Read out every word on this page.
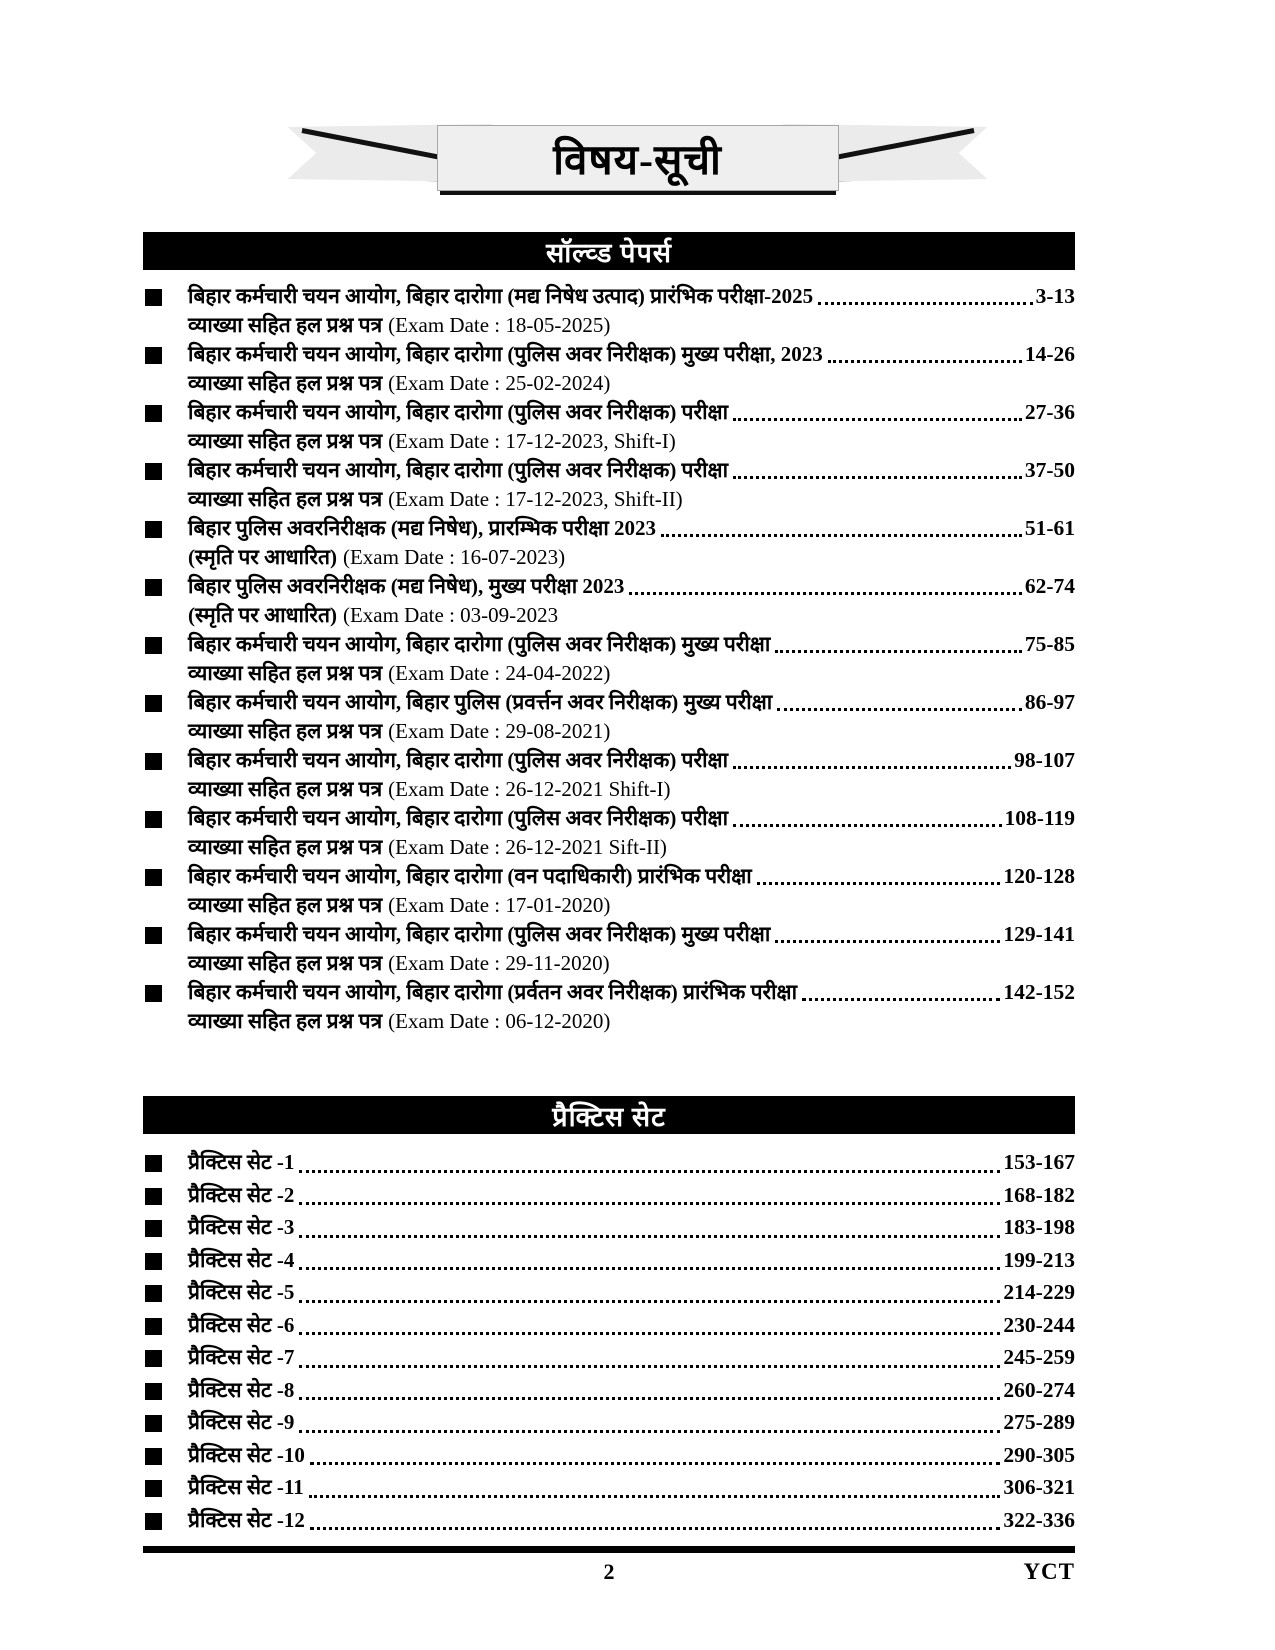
विषय-सूची
सॉल्व्ड पेपर्स
बिहार कर्मचारी चयन आयोग, बिहार दारोगा (मद्य निषेध उत्पाद) प्रारंभिक परीक्षा-2025	3-13
व्याख्या सहित हल प्रश्न पत्र (Exam Date : 18-05-2025)
बिहार कर्मचारी चयन आयोग, बिहार दारोगा (पुलिस अवर निरीक्षक) मुख्य परीक्षा, 2023	14-26
व्याख्या सहित हल प्रश्न पत्र (Exam Date : 25-02-2024)
बिहार कर्मचारी चयन आयोग, बिहार दारोगा (पुलिस अवर निरीक्षक) परीक्षा	27-36
व्याख्या सहित हल प्रश्न पत्र (Exam Date : 17-12-2023, Shift-I)
बिहार कर्मचारी चयन आयोग, बिहार दारोगा (पुलिस अवर निरीक्षक) परीक्षा	37-50
व्याख्या सहित हल प्रश्न पत्र (Exam Date : 17-12-2023, Shift-II)
बिहार पुलिस अवरनिरीक्षक (मद्य निषेध), प्रारम्भिक परीक्षा 2023	51-61
(स्मृति पर आधारित) (Exam Date : 16-07-2023)
बिहार पुलिस अवरनिरीक्षक (मद्य निषेध), मुख्य परीक्षा 2023	62-74
(स्मृति पर आधारित) (Exam Date : 03-09-2023
बिहार कर्मचारी चयन आयोग, बिहार दारोगा (पुलिस अवर निरीक्षक) मुख्य परीक्षा	75-85
व्याख्या सहित हल प्रश्न पत्र (Exam Date : 24-04-2022)
बिहार कर्मचारी चयन आयोग, बिहार पुलिस (प्रवर्त्तन अवर निरीक्षक) मुख्य परीक्षा	86-97
व्याख्या सहित हल प्रश्न पत्र (Exam Date : 29-08-2021)
बिहार कर्मचारी चयन आयोग, बिहार दारोगा (पुलिस अवर निरीक्षक) परीक्षा	98-107
व्याख्या सहित हल प्रश्न पत्र (Exam Date : 26-12-2021 Shift-I)
बिहार कर्मचारी चयन आयोग, बिहार दारोगा (पुलिस अवर निरीक्षक) परीक्षा	108-119
व्याख्या सहित हल प्रश्न पत्र (Exam Date : 26-12-2021 Sift-II)
बिहार कर्मचारी चयन आयोग, बिहार दारोगा (वन पदाधिकारी) प्रारंभिक परीक्षा	120-128
व्याख्या सहित हल प्रश्न पत्र (Exam Date : 17-01-2020)
बिहार कर्मचारी चयन आयोग, बिहार दारोगा (पुलिस अवर निरीक्षक) मुख्य परीक्षा	129-141
व्याख्या सहित हल प्रश्न पत्र (Exam Date : 29-11-2020)
बिहार कर्मचारी चयन आयोग, बिहार दारोगा (प्रर्वतन अवर निरीक्षक) प्रारंभिक परीक्षा	142-152
व्याख्या सहित हल प्रश्न पत्र (Exam Date : 06-12-2020)
प्रैक्टिस सेट
प्रैक्टिस सेट -1	153-167
प्रैक्टिस सेट -2	168-182
प्रैक्टिस सेट -3	183-198
प्रैक्टिस सेट -4	199-213
प्रैक्टिस सेट -5	214-229
प्रैक्टिस सेट -6	230-244
प्रैक्टिस सेट -7	245-259
प्रैक्टिस सेट -8	260-274
प्रैक्टिस सेट -9	275-289
प्रैक्टिस सेट -10	290-305
प्रैक्टिस सेट -11	306-321
प्रैक्टिस सेट -12	322-336
2	YCT
